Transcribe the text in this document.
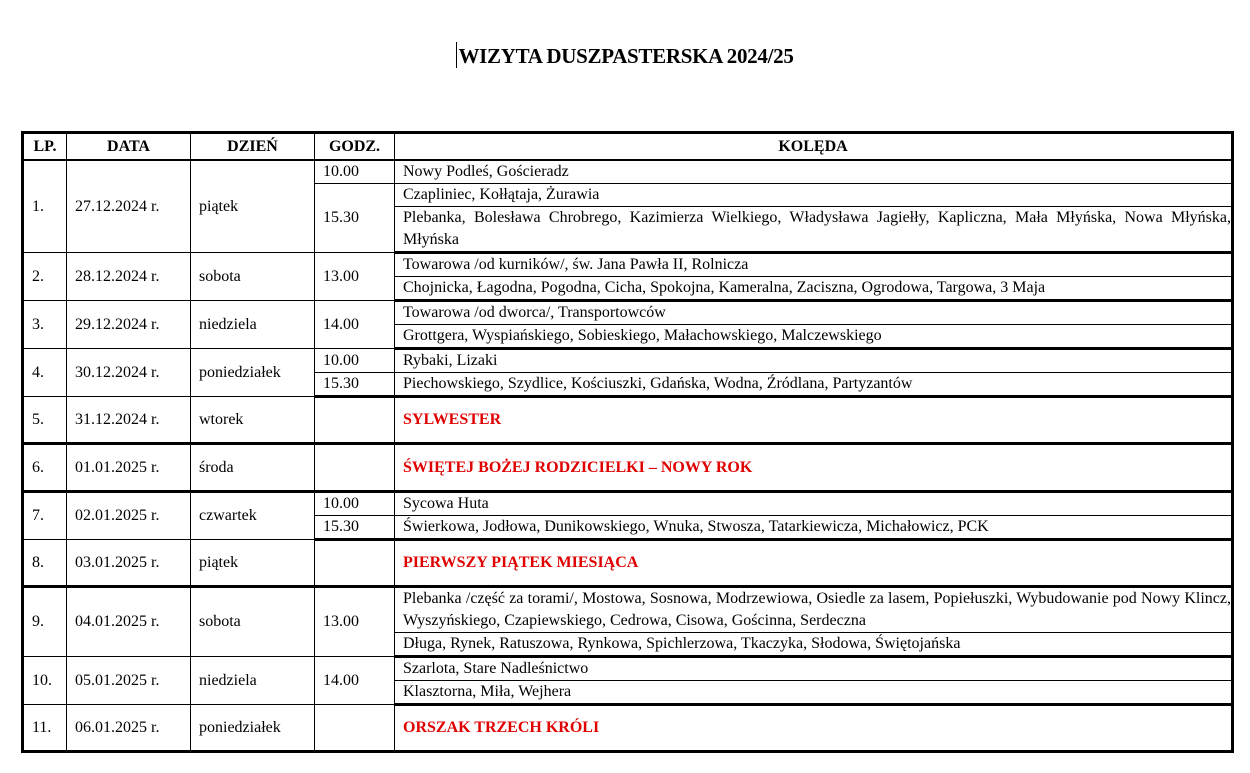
WIZYTA DUSZPASTERSKA 2024/25
LP.	DATA	DZIEŃ	GODZ.	KOLĘDA
1.	27.12.2024 r.	piątek	10.00	Nowy Podleś, Gościeradz
			15.30	Czapliniec, Kołłątaja, Żurawia
				Plebanka, Bolesława Chrobrego, Kazimierza Wielkiego, Władysława Jagiełły, Kapliczna, Mała Młyńska, Nowa Młyńska, Młyńska
2.	28.12.2024 r.	sobota	13.00	Towarowa /od kurników/, św. Jana Pawła II, Rolnicza
				Chojnicka, Łagodna, Pogodna, Cicha, Spokojna, Kameralna, Zaciszna, Ogrodowa, Targowa, 3 Maja
3.	29.12.2024 r.	niedziela	14.00	Towarowa /od dworca/, Transportowców
				Grottgera, Wyspiańskiego, Sobieskiego, Małachowskiego, Malczewskiego
4.	30.12.2024 r.	poniedziałek	10.00	Rybaki, Lizaki
			15.30	Piechowskiego, Szydlice, Kościuszki, Gdańska, Wodna, Źródlana, Partyzantów
5.	31.12.2024 r.	wtorek		SYLWESTER
6.	01.01.2025 r.	środa		ŚWIĘTEJ BOŻEJ RODZICIELKI – NOWY ROK
7.	02.01.2025 r.	czwartek	10.00	Sycowa Huta
			15.30	Świerkowa, Jodłowa, Dunikowskiego, Wnuka, Stwosza, Tatarkiewicza, Michałowicz, PCK
8.	03.01.2025 r.	piątek		PIERWSZY PIĄTEK MIESIĄCA
9.	04.01.2025 r.	sobota	13.00	Plebanka /część za torami/, Mostowa, Sosnowa, Modrzewiowa, Osiedle za lasem, Popiełuszki, Wybudowanie pod Nowy Klincz, Wyszyńskiego, Czapiewskiego, Cedrowa, Cisowa, Gościnna, Serdeczna
				Długa, Rynek, Ratuszowa, Rynkowa, Spichlerzowa, Tkaczyka, Słodowa, Świętojańska
10.	05.01.2025 r.	niedziela	14.00	Szarlota, Stare Nadleśnictwo
				Klasztorna, Miła, Wejhera
11.	06.01.2025 r.	poniedziałek		ORSZAK TRZECH KRÓLI
